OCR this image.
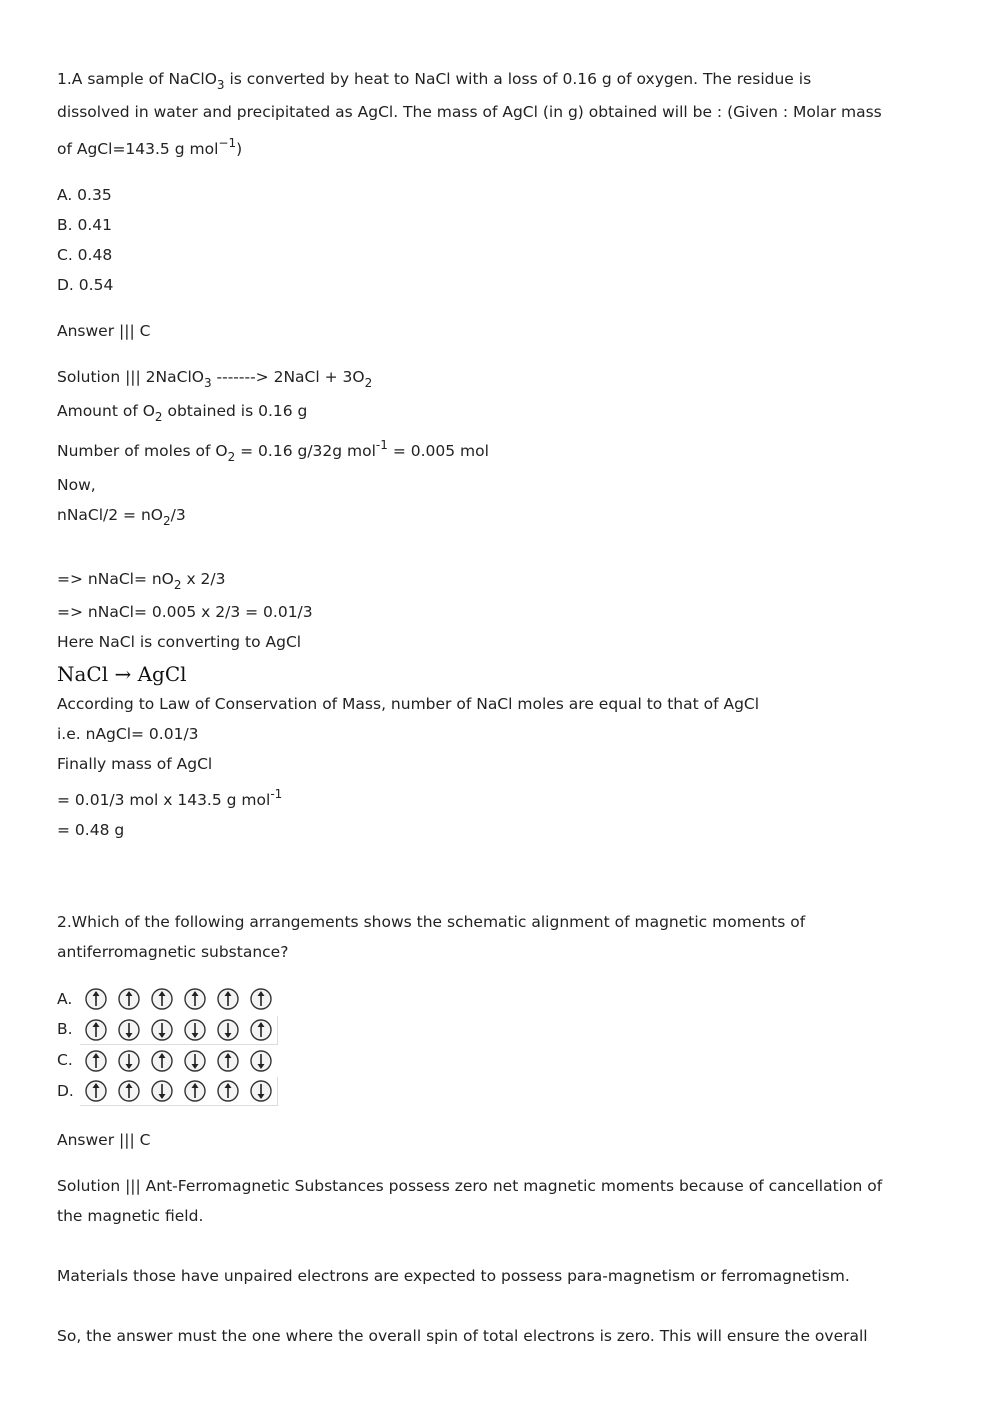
1.A sample of NaClO$_3$ is converted by heat to NaCl with a loss of 0.16 g of oxygen. The residue is
dissolved in water and precipitated as AgCl. The mass of AgCl (in g) obtained will be : (Given : Molar mass
of AgCl=143.5 g mol$^{-1}$)
A. 0.35
B. 0.41
C. 0.48
D. 0.54
Answer ||| C
Solution ||| 2NaClO$_3$ -------> 2NaCl + $3O_2$
Amount of $O_2$ obtained is 0.16 g
Number of moles of $O_2 = 0.16$ g/32g mol$^{-1}$ = 0.005 mol
Now,
nNaCl/2 = $nO_2/3$
=> nNaCl= $nO_2$ x 2/3
=> nNaCl= 0.005 x 2/3 = 0.01/3
Here NaCl is converting to AgCl
NaCl → AgCl
According to Law of Conservation of Mass, number of NaCl moles are equal to that of AgCl
i.e. nAgCl= 0.01/3
Finally mass of AgCl
= 0.01/3 mol x 143.5 g mol$^{-1}$
= 0.48 g
2.Which of the following arrangements shows the schematic alignment of magnetic moments of
antiferromagnetic substance?
A.
B.
C.
D.
Answer ||| C
Solution ||| Ant-Ferromagnetic Substances possess zero net magnetic moments because of cancellation of
the magnetic field.
Materials those have unpaired electrons are expected to possess para-magnetism or ferromagnetism.
So, the answer must the one where the overall spin of total electrons is zero. This will ensure the overall
